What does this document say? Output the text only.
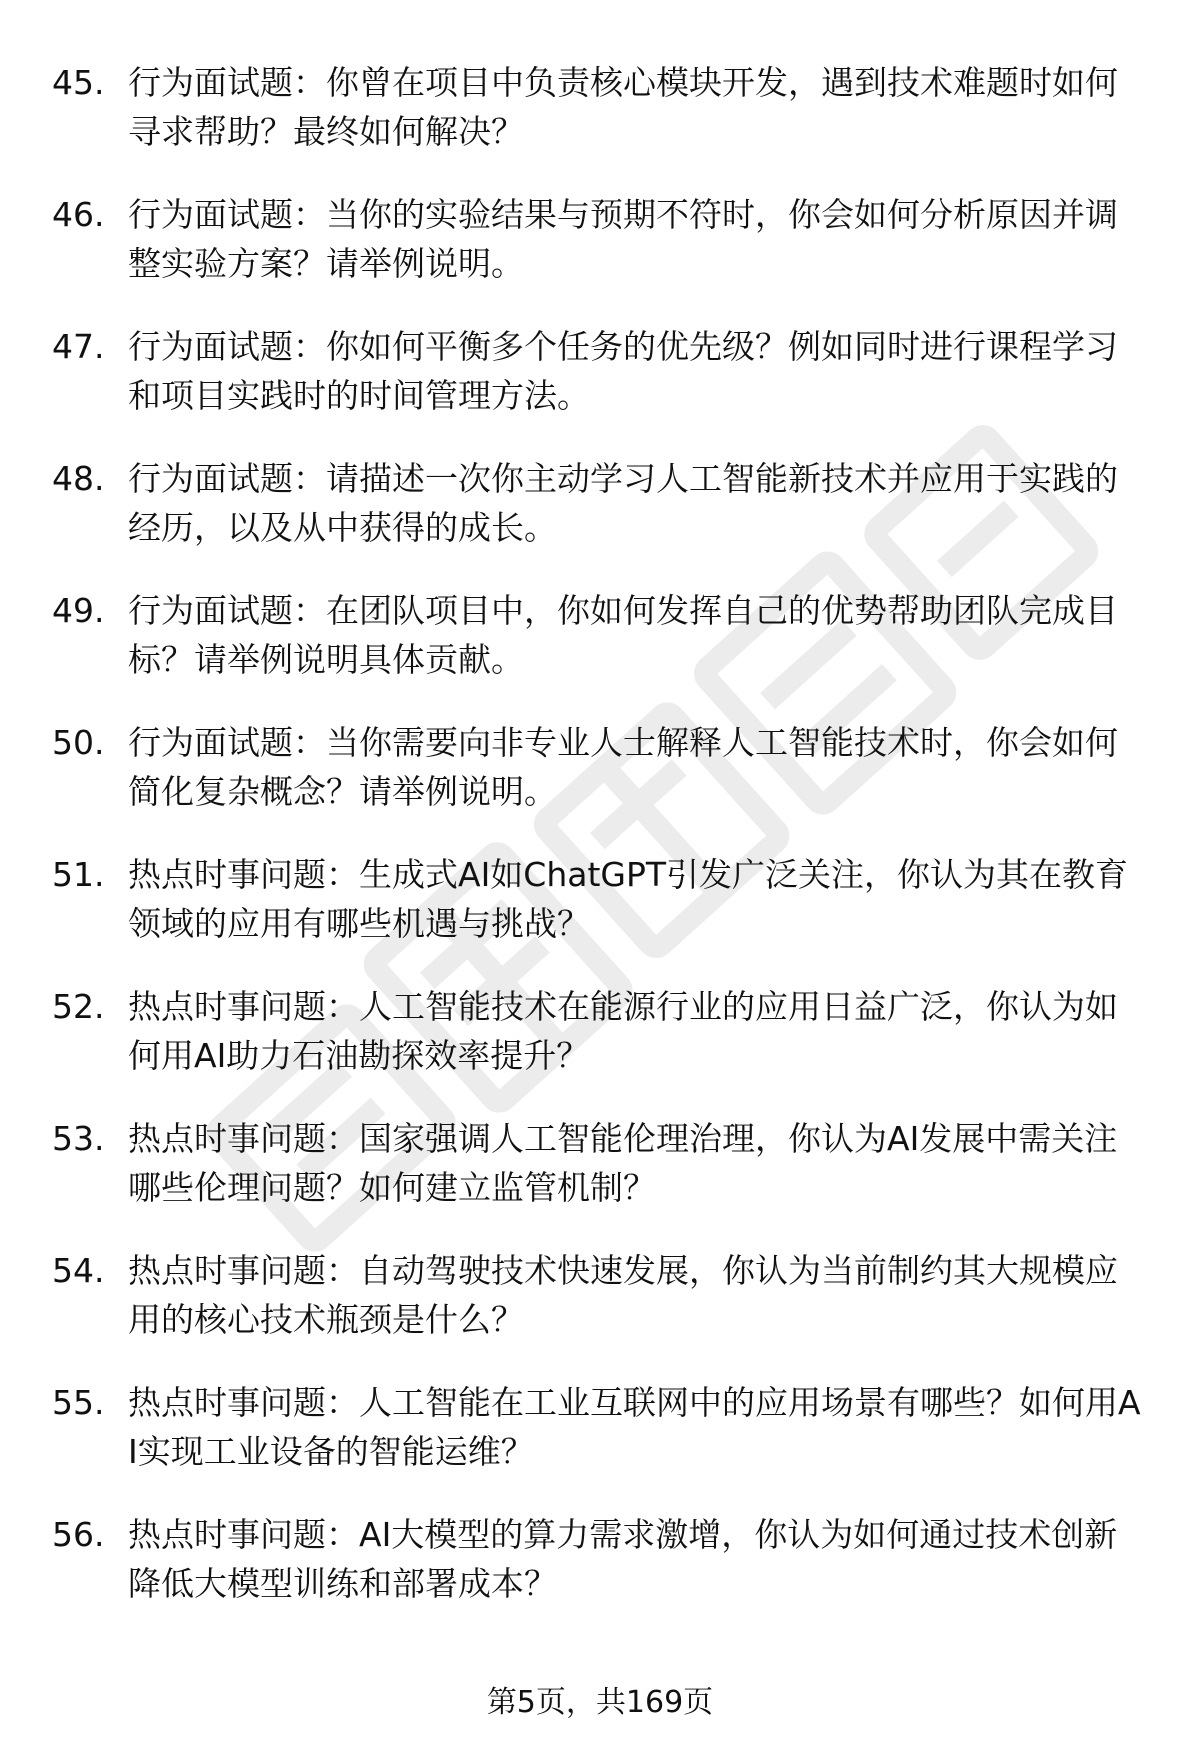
45. 行为面试题：你曾在项目中负责核心模块开发，遇到技术难题时如何寻求帮助？最终如何解决？
46. 行为面试题：当你的实验结果与预期不符时，你会如何分析原因并调整实验方案？请举例说明。
47. 行为面试题：你如何平衡多个任务的优先级？例如同时进行课程学习和项目实践时的时间管理方法。
48. 行为面试题：请描述一次你主动学习人工智能新技术并应用于实践的经历，以及从中获得的成长。
49. 行为面试题：在团队项目中，你如何发挥自己的优势帮助团队完成目标？请举例说明具体贡献。
50. 行为面试题：当你需要向非专业人士解释人工智能技术时，你会如何简化复杂概念？请举例说明。
51. 热点时事问题：生成式AI如ChatGPT引发广泛关注，你认为其在教育领域的应用有哪些机遇与挑战？
52. 热点时事问题：人工智能技术在能源行业的应用日益广泛，你认为如何用AI助力石油勘探效率提升？
53. 热点时事问题：国家强调人工智能伦理治理，你认为AI发展中需关注哪些伦理问题？如何建立监管机制？
54. 热点时事问题：自动驾驶技术快速发展，你认为当前制约其大规模应用的核心技术瓶颈是什么？
55. 热点时事问题：人工智能在工业互联网中的应用场景有哪些？如何用AI实现工业设备的智能运维？
56. 热点时事问题：AI大模型的算力需求激增，你认为如何通过技术创新降低大模型训练和部署成本？
第5页，共169页
